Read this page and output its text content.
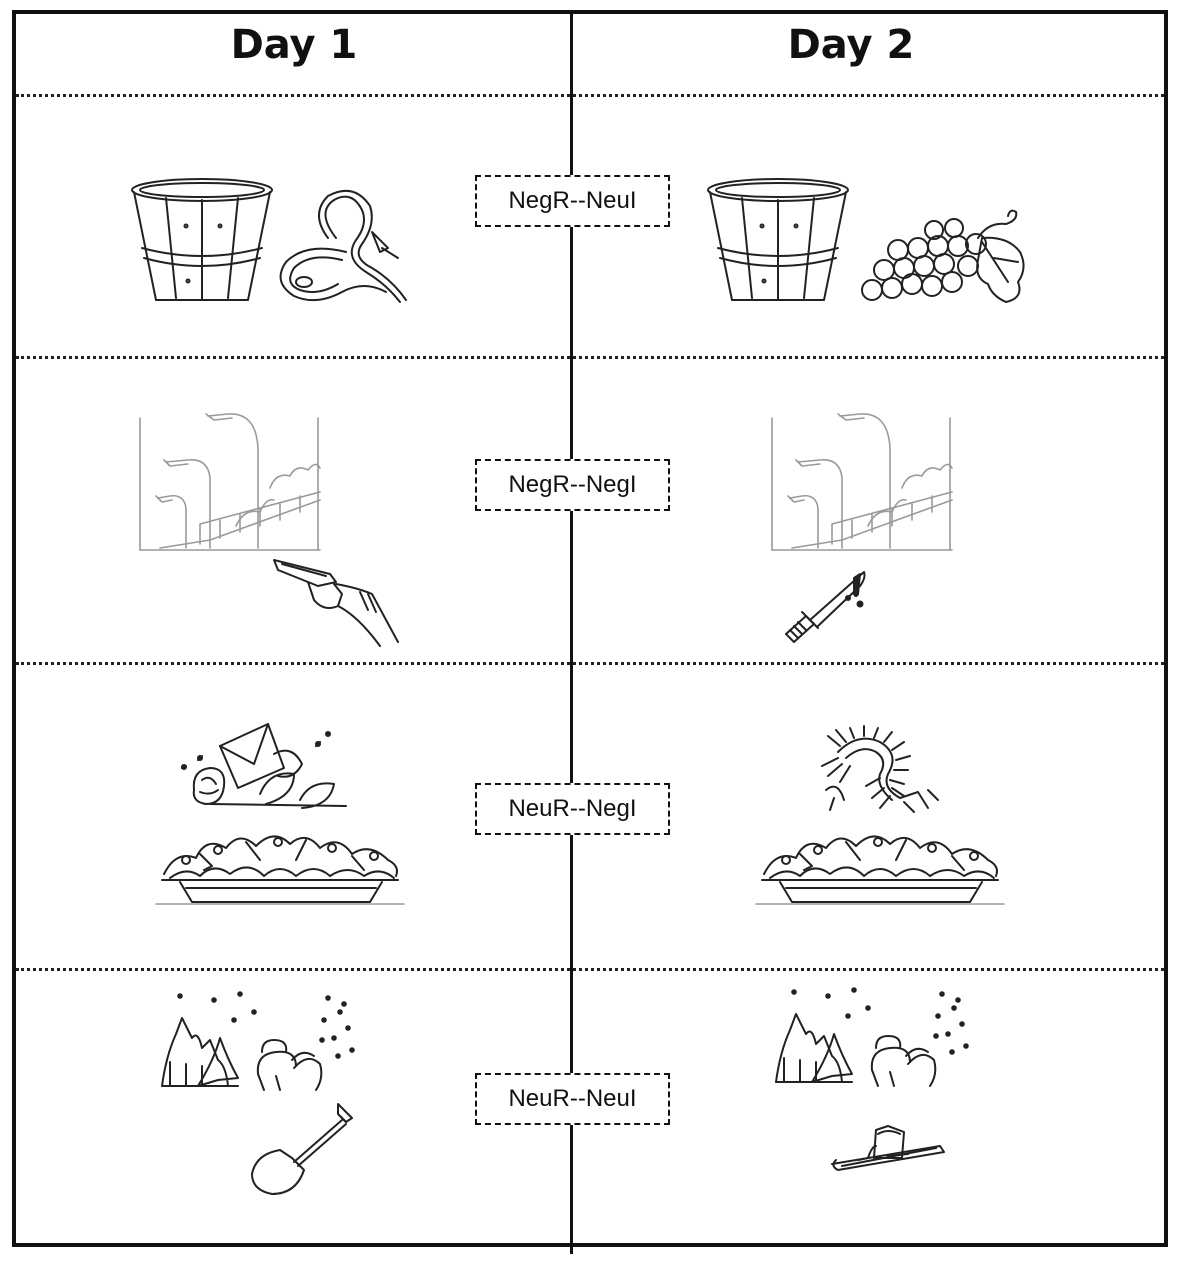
Day 1	Day 2
NegR--NeuI
NegR--NegI
NeuR--NegI
NeuR--NeuI
